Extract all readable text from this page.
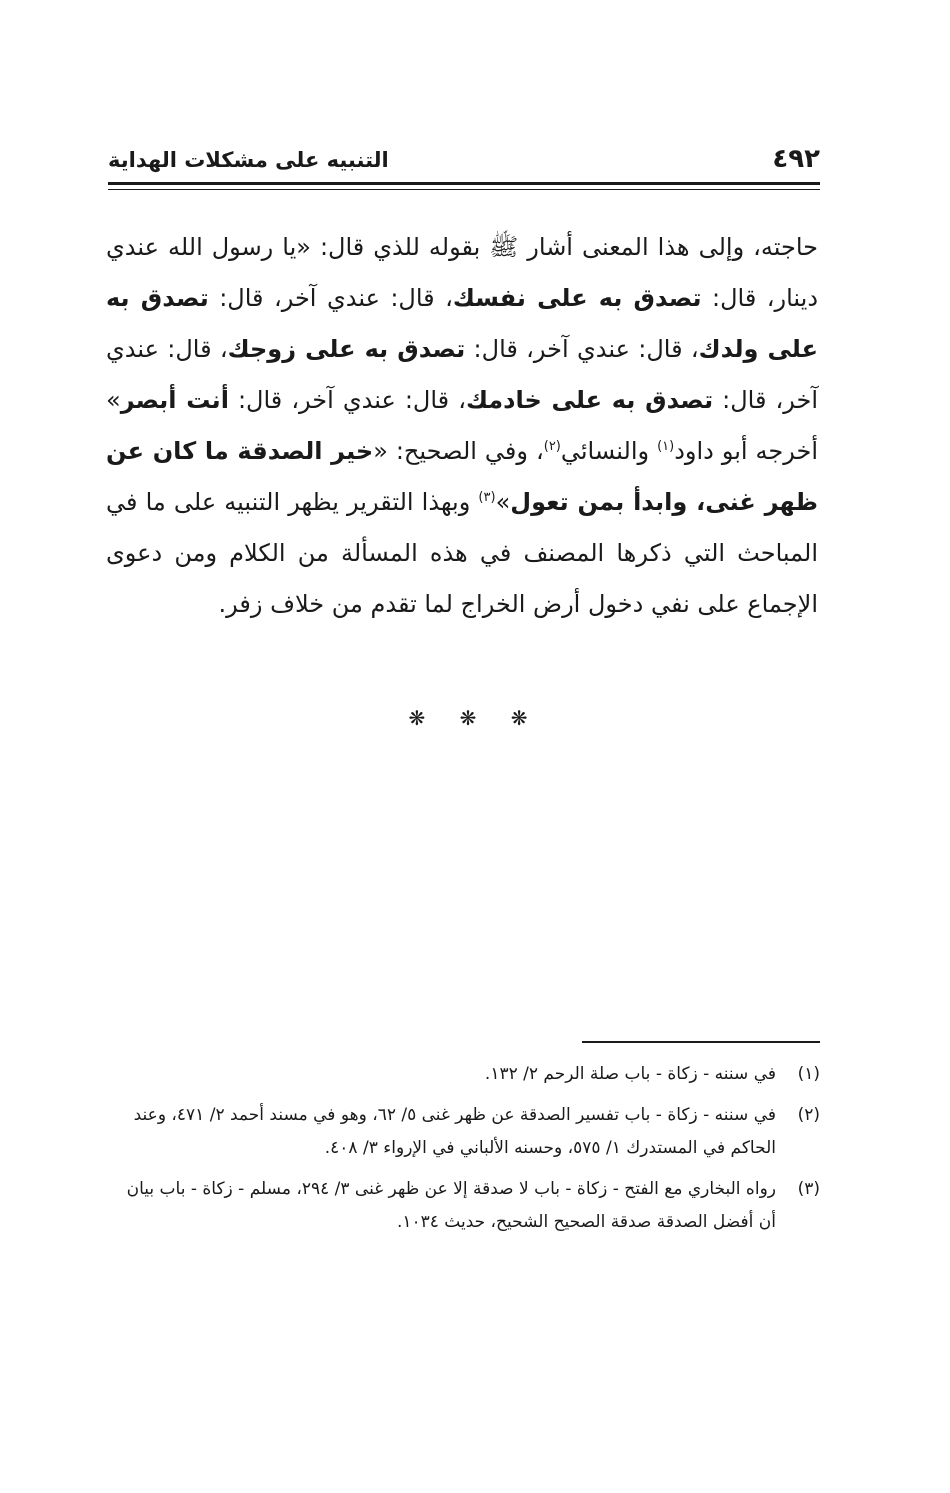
٤٩٢
التنبيه على مشكلات الهداية
حاجته، وإلى هذا المعنى أشار ﷺ بقوله للذي قال: «يا رسول الله عندي دينار، قال: تصدق به على نفسك، قال: عندي آخر، قال: تصدق به على ولدك، قال: عندي آخر، قال: تصدق به على زوجك، قال: عندي آخر، قال: تصدق به على خادمك، قال: عندي آخر، قال: أنت أبصر» أخرجه أبو داود$^{(١)}$ والنسائي$^{(٢)}$، وفي الصحيح: «خير الصدقة ما كان عن ظهر غنى، وابدأ بمن تعول»$^{(٣)}$ وبهذا التقرير يظهر التنبيه على ما في المباحث التي ذكرها المصنف في هذه المسألة من الكلام ومن دعوى الإجماع على نفي دخول أرض الخراج لما تقدم من خلاف زفر.
❋ ❋ ❋
(١)
في سننه - زكاة - باب صلة الرحم ٢/ ١٣٢.
(٢)
في سننه - زكاة - باب تفسير الصدقة عن ظهر غنى ٥/ ٦٢، وهو في مسند أحمد ٢/ ٤٧١، وعند الحاكم في المستدرك ١/ ٥٧٥، وحسنه الألباني في الإرواء ٣/ ٤٠٨.
(٣)
رواه البخاري مع الفتح - زكاة - باب لا صدقة إلا عن ظهر غنى ٣/ ٢٩٤، مسلم - زكاة - باب بيان أن أفضل الصدقة صدقة الصحيح الشحيح، حديث ١٠٣٤.
